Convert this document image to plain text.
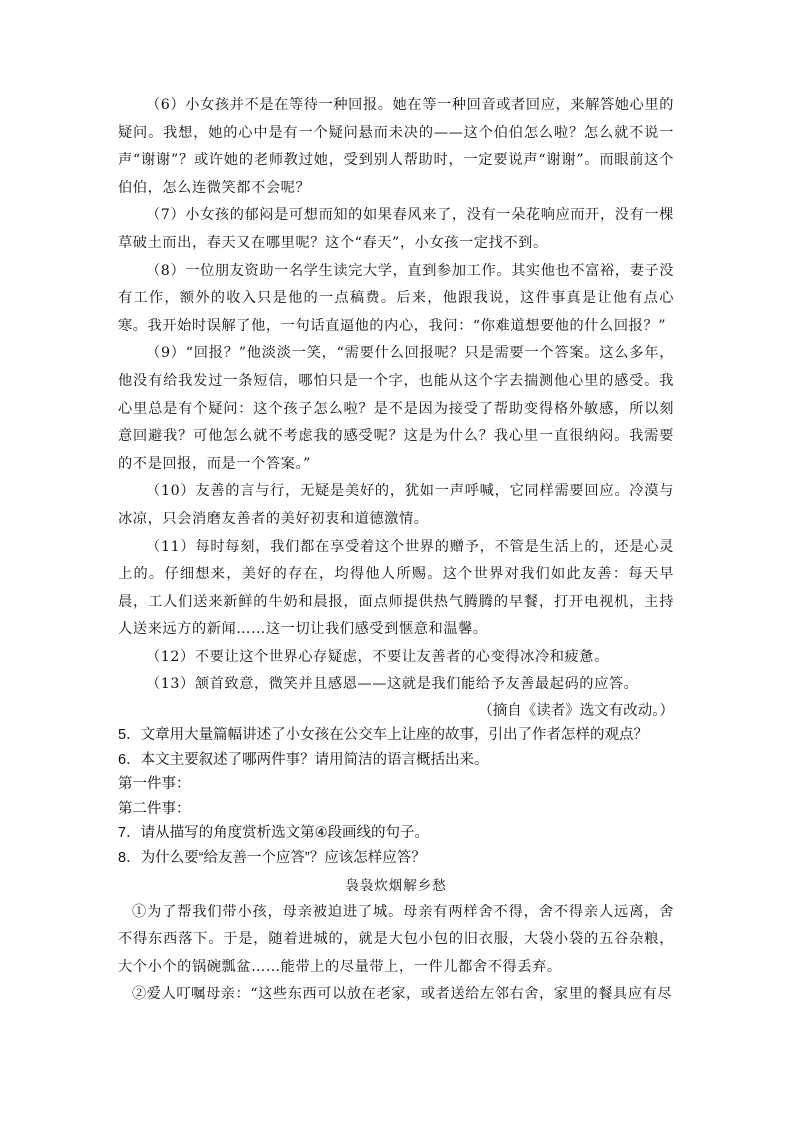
（6）小女孩并不是在等待一种回报。她在等一种回音或者回应，来解答她心里的疑问。我想，她的心中是有一个疑问悬而未决的——这个伯伯怎么啦？怎么就不说一声“谢谢”？或许她的老师教过她，受到别人帮助时，一定要说声“谢谢”。而眼前这个伯伯，怎么连微笑都不会呢？

（7）小女孩的郁闷是可想而知的如果春风来了，没有一朵花响应而开，没有一棵草破土而出，春天又在哪里呢？这个“春天”，小女孩一定找不到。

（8）一位朋友资助一名学生读完大学，直到参加工作。其实他也不富裕，妻子没有工作，额外的收入只是他的一点稿费。后来，他跟我说，这件事真是让他有点心寒。我开始时误解了他，一句话直逼他的内心，我问：“你难道想要他的什么回报？”

（9）“回报？”他淡淡一笑，“需要什么回报呢？只是需要一个答案。这么多年，他没有给我发过一条短信，哪怕只是一个字，也能从这个字去揣测他心里的感受。我心里总是有个疑问：这个孩子怎么啦？是不是因为接受了帮助变得格外敏感，所以刻意回避我？可他怎么就不考虑我的感受呢？这是为什么？我心里一直很纳闷。我需要的不是回报，而是一个答案。”

（10）友善的言与行，无疑是美好的，犹如一声呼喊，它同样需要回应。冷漠与冰凉，只会消磨友善者的美好初衷和道德激情。

（11）每时每刻，我们都在享受着这个世界的赠予，不管是生活上的，还是心灵上的。仔细想来，美好的存在，均得他人所赐。这个世界对我们如此友善：每天早晨，工人们送来新鲜的牛奶和晨报，面点师提供热气腾腾的早餐，打开电视机，主持人送来远方的新闻……这一切让我们感受到惬意和温馨。

（12）不要让这个世界心存疑虑，不要让友善者的心变得冰冷和疲惫。

（13）颔首致意，微笑并且感恩——这就是我们能给予友善最起码的应答。

（摘自《读者》选文有改动。）

5．文章用大量篇幅讲述了小女孩在公交车上让座的故事，引出了作者怎样的观点？

6．本文主要叙述了哪两件事？请用简洁的语言概括出来。

第一件事：

第二件事：

7．请从描写的角度赏析选文第④段画线的句子。

8．为什么要“给友善一个应答”？应该怎样应答？

袅袅炊烟解乡愁

①为了帮我们带小孩，母亲被迫进了城。母亲有两样舍不得，舍不得亲人远离，舍不得东西落下。于是，随着进城的，就是大包小包的旧衣服，大袋小袋的五谷杂粮，大个小个的锅碗瓢盆……能带上的尽量带上，一件儿都舍不得丢弃。

②爱人叮嘱母亲：“这些东西可以放在老家，或者送给左邻右舍，家里的餐具应有尽
